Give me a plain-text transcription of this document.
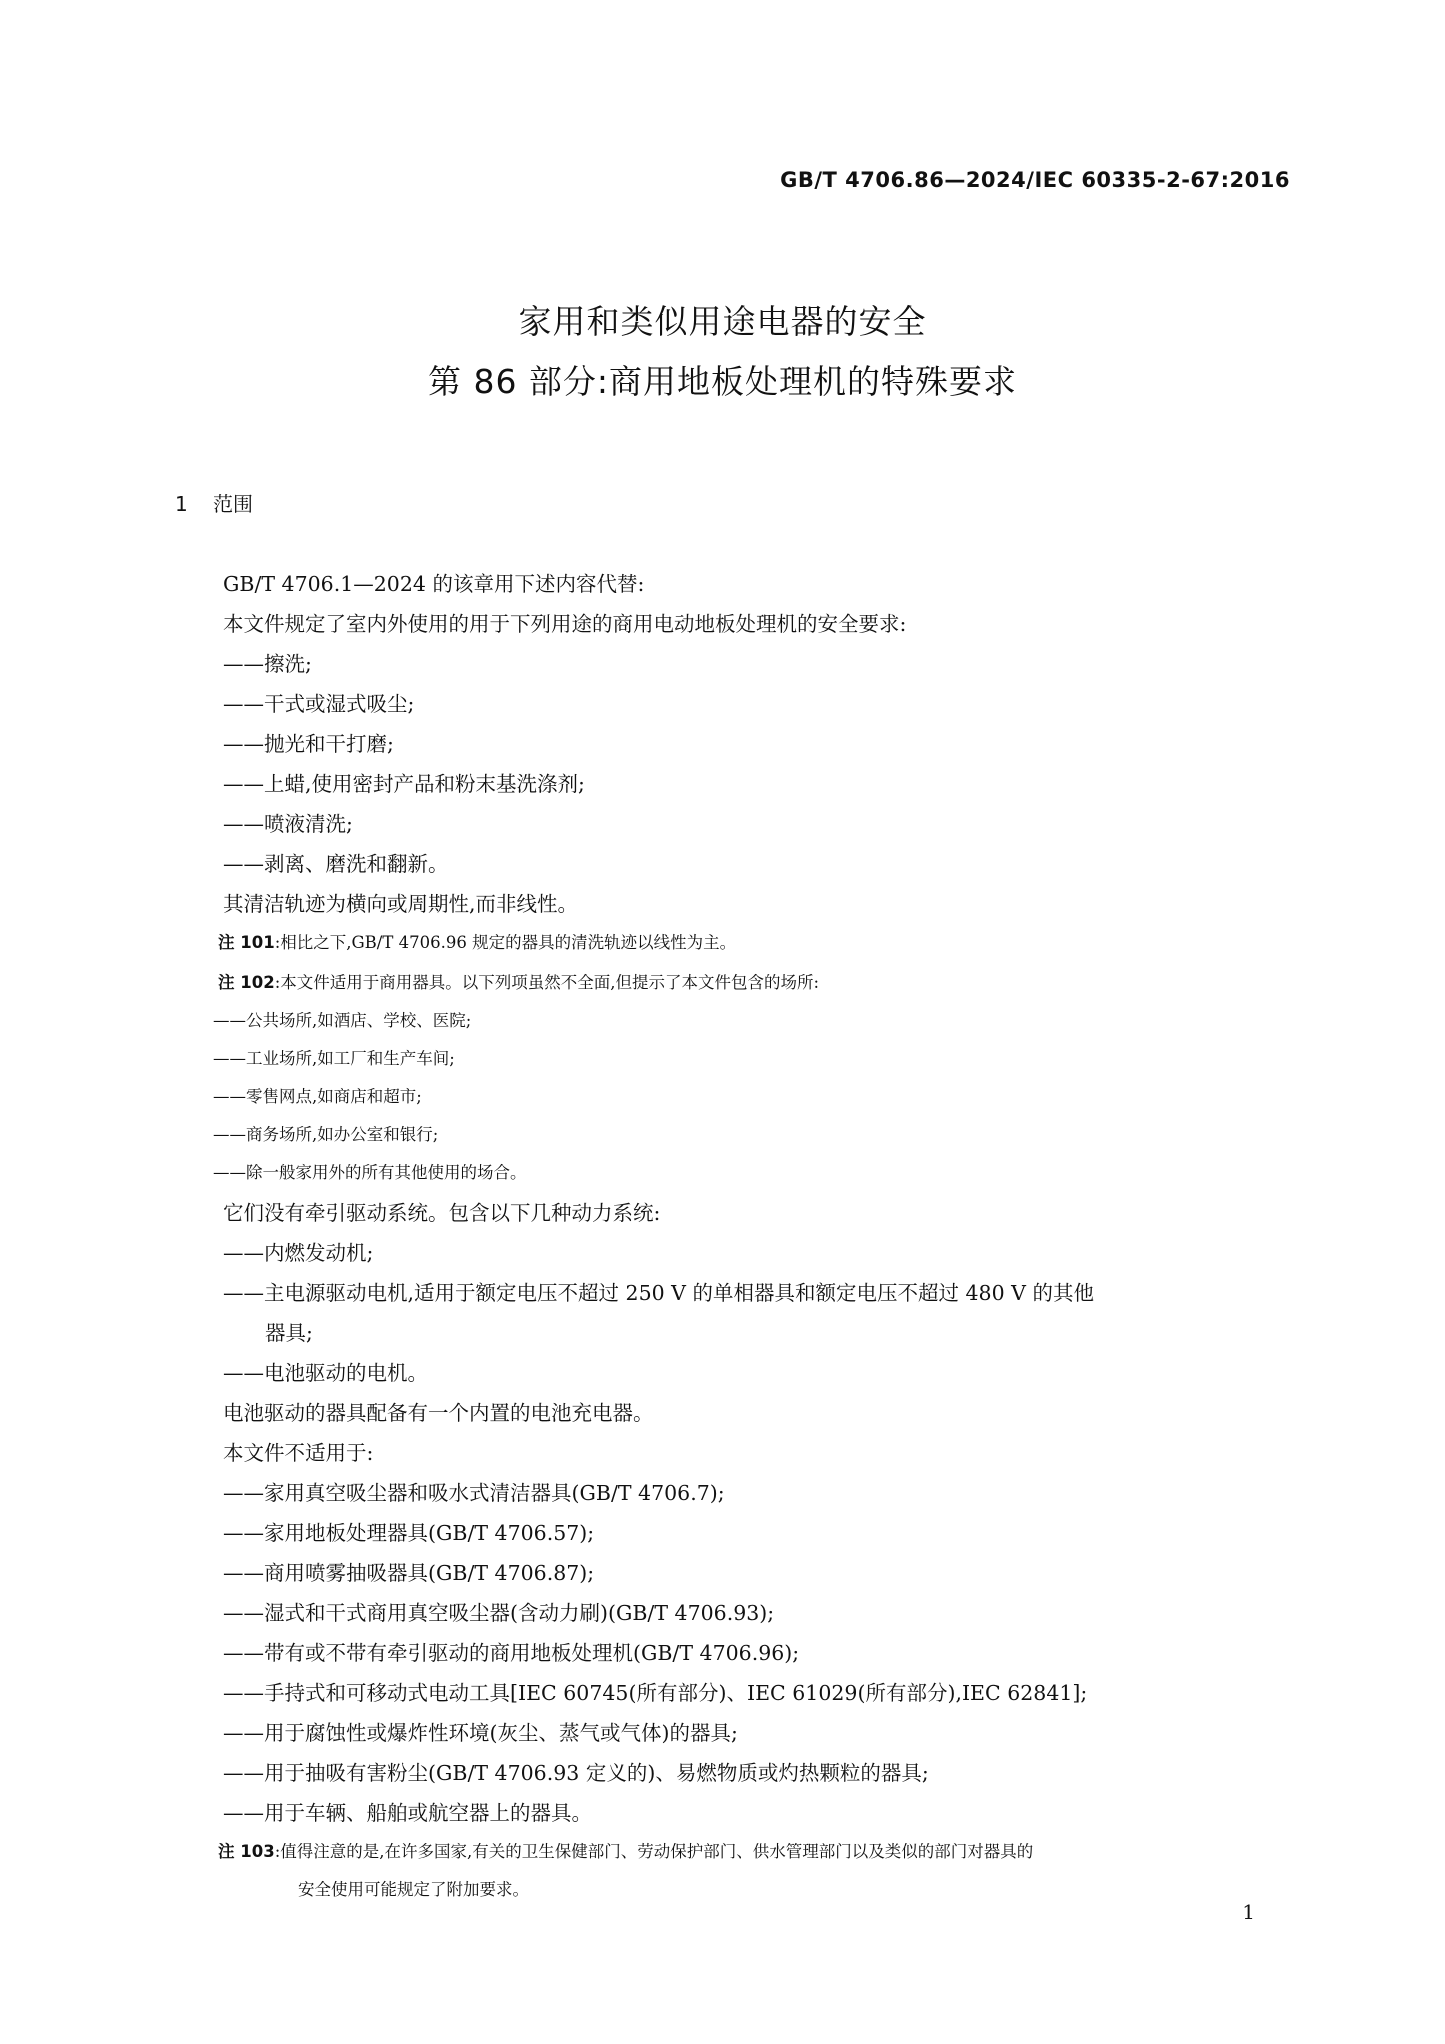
GB/T 4706.86—2024/IEC 60335-2-67:2016
家用和类似用途电器的安全
第 86 部分:商用地板处理机的特殊要求
1 范围
GB/T 4706.1—2024 的该章用下述内容代替:
本文件规定了室内外使用的用于下列用途的商用电动地板处理机的安全要求:
——擦洗;
——干式或湿式吸尘;
——抛光和干打磨;
——上蜡,使用密封产品和粉末基洗涤剂;
——喷液清洗;
——剥离、磨洗和翻新。
其清洁轨迹为横向或周期性,而非线性。
注 101:相比之下,GB/T 4706.96 规定的器具的清洗轨迹以线性为主。
注 102:本文件适用于商用器具。以下列项虽然不全面,但提示了本文件包含的场所:
——公共场所,如酒店、学校、医院;
——工业场所,如工厂和生产车间;
——零售网点,如商店和超市;
——商务场所,如办公室和银行;
——除一般家用外的所有其他使用的场合。
它们没有牵引驱动系统。包含以下几种动力系统:
——内燃发动机;
——主电源驱动电机,适用于额定电压不超过 250 V 的单相器具和额定电压不超过 480 V 的其他
器具;
——电池驱动的电机。
电池驱动的器具配备有一个内置的电池充电器。
本文件不适用于:
——家用真空吸尘器和吸水式清洁器具(GB/T 4706.7);
——家用地板处理器具(GB/T 4706.57);
——商用喷雾抽吸器具(GB/T 4706.87);
——湿式和干式商用真空吸尘器(含动力刷)(GB/T 4706.93);
——带有或不带有牵引驱动的商用地板处理机(GB/T 4706.96);
——手持式和可移动式电动工具[IEC 60745(所有部分)、IEC 61029(所有部分),IEC 62841];
——用于腐蚀性或爆炸性环境(灰尘、蒸气或气体)的器具;
——用于抽吸有害粉尘(GB/T 4706.93 定义的)、易燃物质或灼热颗粒的器具;
——用于车辆、船舶或航空器上的器具。
注 103:值得注意的是,在许多国家,有关的卫生保健部门、劳动保护部门、供水管理部门以及类似的部门对器具的
安全使用可能规定了附加要求。
1
